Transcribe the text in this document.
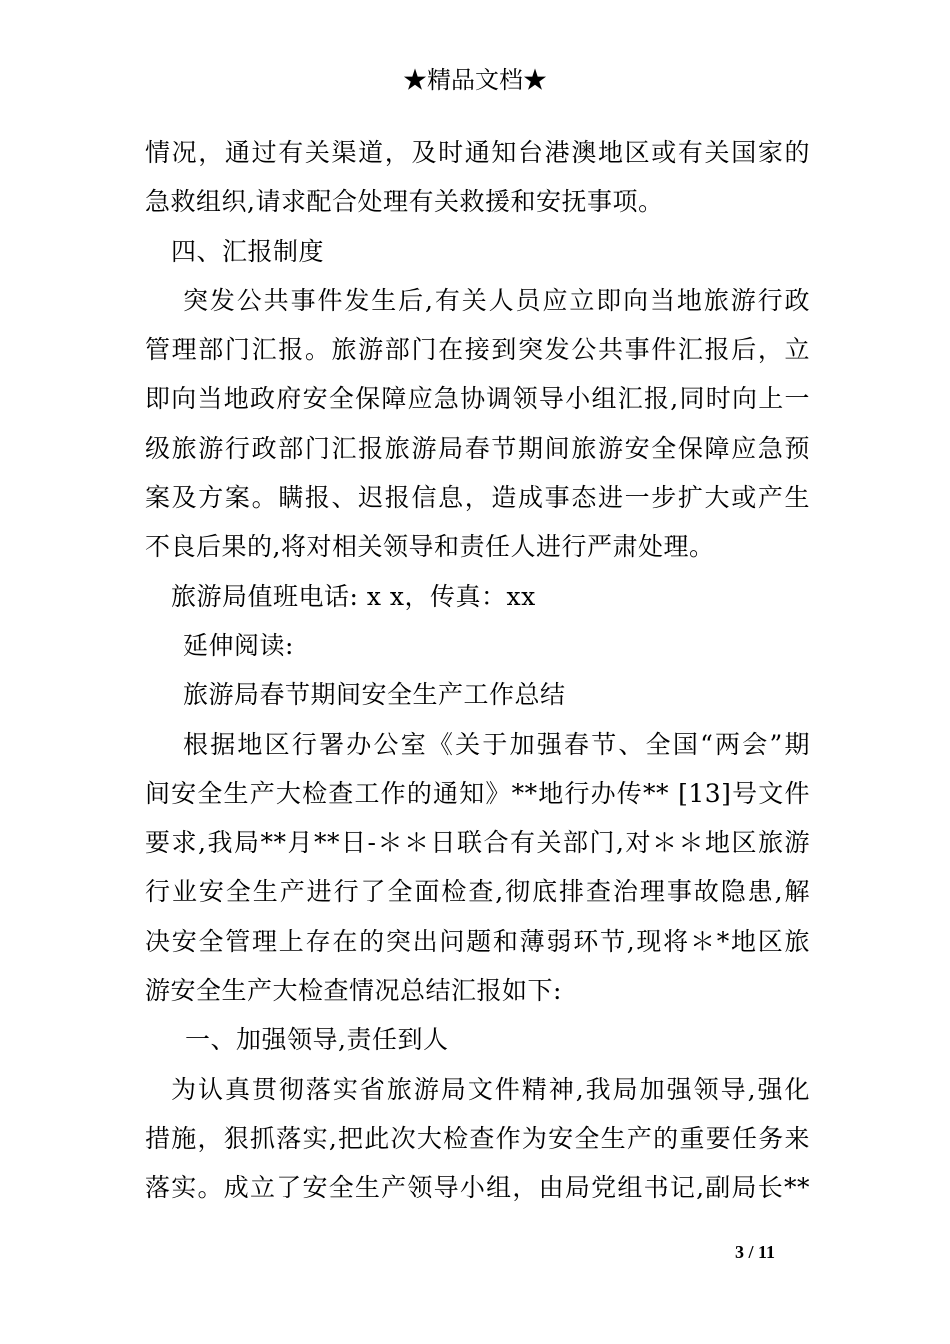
★精品文档★
情况，通过有关渠道，及时通知台港澳地区或有关国家的
急救组织,请求配合处理有关救援和安抚事项。
四、汇报制度
突发公共事件发生后,有关人员应立即向当地旅游行政
管理部门汇报。旅游部门在接到突发公共事件汇报后，立
即向当地政府安全保障应急协调领导小组汇报,同时向上一
级旅游行政部门汇报旅游局春节期间旅游安全保障应急预
案及方案。瞒报、迟报信息，造成事态进一步扩大或产生
不良后果的,将对相关领导和责任人进行严肃处理。
旅游局值班电话: x x，传真：xx
延伸阅读:
旅游局春节期间安全生产工作总结
根据地区行署办公室《关于加强春节、全国“两会”期
间安全生产大检查工作的通知》**地行办传** [13]号文件
要求,我局**月**日-＊＊日联合有关部门,对＊＊地区旅游
行业安全生产进行了全面检查,彻底排查治理事故隐患,解
决安全管理上存在的突出问题和薄弱环节,现将＊*地区旅
游安全生产大检查情况总结汇报如下:
一、加强领导,责任到人
为认真贯彻落实省旅游局文件精神,我局加强领导,强化
措施，狠抓落实,把此次大检查作为安全生产的重要任务来
落实。成立了安全生产领导小组，由局党组书记,副局长**
3 / 11
